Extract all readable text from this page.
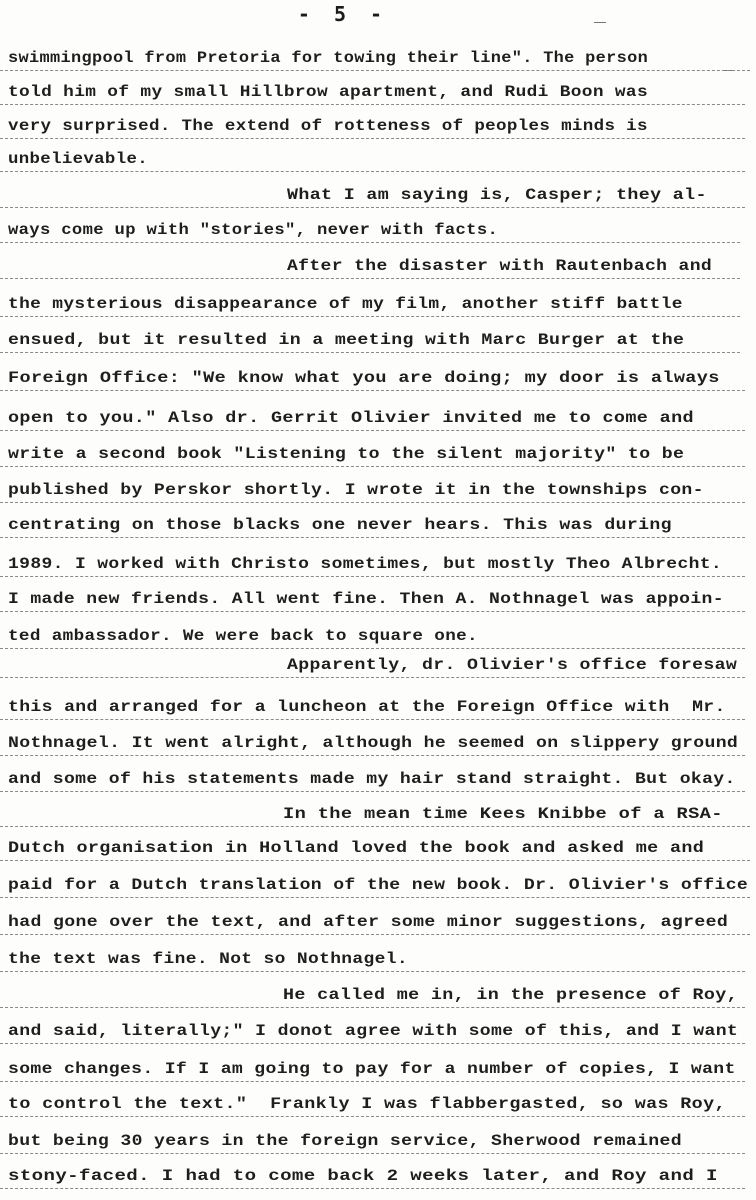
- 5 -
swimmingpool from Pretoria for towing their line". The person
told him of my small Hillbrow apartment, and Rudi Boon was
very surprised. The extend of rotteness of peoples minds is
unbelievable.
What I am saying is, Casper; they al-
ways come up with "stories", never with facts.
After the disaster with Rautenbach and
the mysterious disappearance of my film, another stiff battle
ensued, but it resulted in a meeting with Marc Burger at the
Foreign Office: "We know what you are doing; my door is always
open to you." Also dr. Gerrit Olivier invited me to come and
write a second book "Listening to the silent majority" to be
published by Perskor shortly. I wrote it in the townships con-
centrating on those blacks one never hears. This was during
1989. I worked with Christo sometimes, but mostly Theo Albrecht.
I made new friends. All went fine. Then A. Nothnagel was appoin-
ted ambassador. We were back to square one.
Apparently, dr. Olivier's office foresaw
this and arranged for a luncheon at the Foreign Office with  Mr.
Nothnagel. It went alright, although he seemed on slippery ground
and some of his statements made my hair stand straight. But okay.
In the mean time Kees Knibbe of a RSA-
Dutch organisation in Holland loved the book and asked me and
paid for a Dutch translation of the new book. Dr. Olivier's office
had gone over the text, and after some minor suggestions, agreed
the text was fine. Not so Nothnagel.
He called me in, in the presence of Roy,
and said, literally;" I donot agree with some of this, and I want
some changes. If I am going to pay for a number of copies, I want
to control the text."  Frankly I was flabbergasted, so was Roy,
but being 30 years in the foreign service, Sherwood remained
stony-faced. I had to come back 2 weeks later, and Roy and I
